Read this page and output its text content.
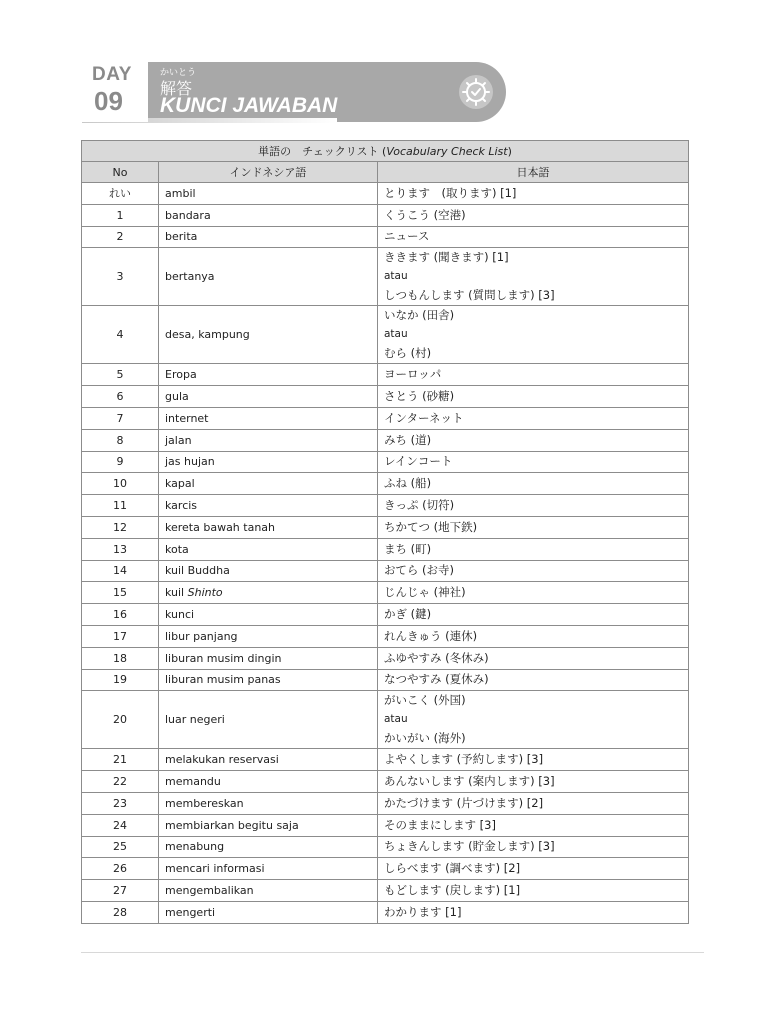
DAY
09
かいとう
解答
KUNCI JAWABAN
単語の　チェックリスト (Vocabulary Check List)		
No	インドネシア語	日本語
れい	ambil	とります　(取ります) [1]

1	bandara	くうこう (空港)

2	berita	ニュース

3	bertanya	ききます (聞きます) [1]
atau
しつもんします (質問します) [3]

4	desa, kampung	いなか (田舎)
atau
むら (村)

5	Eropa	ヨーロッパ

6	gula	さとう (砂糖)

7	internet	インターネット

8	jalan	みち (道)

9	jas hujan	レインコート

10	kapal	ふね (船)

11	karcis	きっぷ (切符)

12	kereta bawah tanah	ちかてつ (地下鉄)

13	kota	まち (町)

14	kuil Buddha	おてら (お寺)

15	kuil Shinto	じんじゃ (神社)

16	kunci	かぎ (鍵)

17	libur panjang	れんきゅう (連休)

18	liburan musim dingin	ふゆやすみ (冬休み)

19	liburan musim panas	なつやすみ (夏休み)

20	luar negeri	がいこく (外国)
atau
かいがい (海外)

21	melakukan reservasi	よやくします (予約します) [3]

22	memandu	あんないします (案内します) [3]

23	membereskan	かたづけます (片づけます) [2]

24	membiarkan begitu saja	そのままにします [3]

25	menabung	ちょきんします (貯金します) [3]

26	mencari informasi	しらべます (調べます) [2]

27	mengembalikan	もどします (戻します) [1]

28	mengerti	わかります [1]
